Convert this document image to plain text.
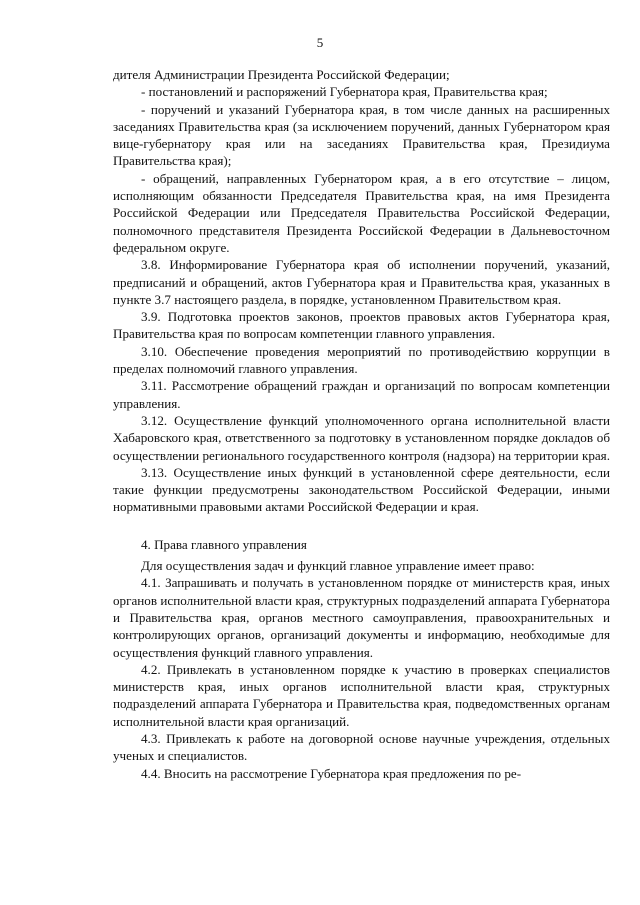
5

дителя Администрации Президента Российской Федерации;

- постановлений и распоряжений Губернатора края, Правительства края;

- поручений и указаний Губернатора края, в том числе данных на расширенных заседаниях Правительства края (за исключением поручений, данных Губернатором края вице-губернатору края или на заседаниях Правительства края, Президиума Правительства края);

- обращений, направленных Губернатором края, а в его отсутствие – лицом, исполняющим обязанности Председателя Правительства края, на имя Президента Российской Федерации или Председателя Правительства Российской Федерации, полномочного представителя Президента Российской Федерации в Дальневосточном федеральном округе.

3.8. Информирование Губернатора края об исполнении поручений, указаний, предписаний и обращений, актов Губернатора края и Правительства края, указанных в пункте 3.7 настоящего раздела, в порядке, установленном Правительством края.

3.9. Подготовка проектов законов, проектов правовых актов Губернатора края, Правительства края по вопросам компетенции главного управления.

3.10. Обеспечение проведения мероприятий по противодействию коррупции в пределах полномочий главного управления.

3.11. Рассмотрение обращений граждан и организаций по вопросам компетенции управления.

3.12. Осуществление функций уполномоченного органа исполнительной власти Хабаровского края, ответственного за подготовку в установленном порядке докладов об осуществлении регионального государственного контроля (надзора) на территории края.

3.13. Осуществление иных функций в установленной сфере деятельности, если такие функции предусмотрены законодательством Российской Федерации, иными нормативными правовыми актами Российской Федерации и края.

4. Права главного управления

Для осуществления задач и функций главное управление имеет право:

4.1. Запрашивать и получать в установленном порядке от министерств края, иных органов исполнительной власти края, структурных подразделений аппарата Губернатора и Правительства края, органов местного самоуправления, правоохранительных и контролирующих органов, организаций документы и информацию, необходимые для осуществления функций главного управления.

4.2. Привлекать в установленном порядке к участию в проверках специалистов министерств края, иных органов исполнительной власти края, структурных подразделений аппарата Губернатора и Правительства края, подведомственных органам исполнительной власти края организаций.

4.3. Привлекать к работе на договорной основе научные учреждения, отдельных ученых и специалистов.

4.4. Вносить на рассмотрение Губернатора края предложения по ре-
